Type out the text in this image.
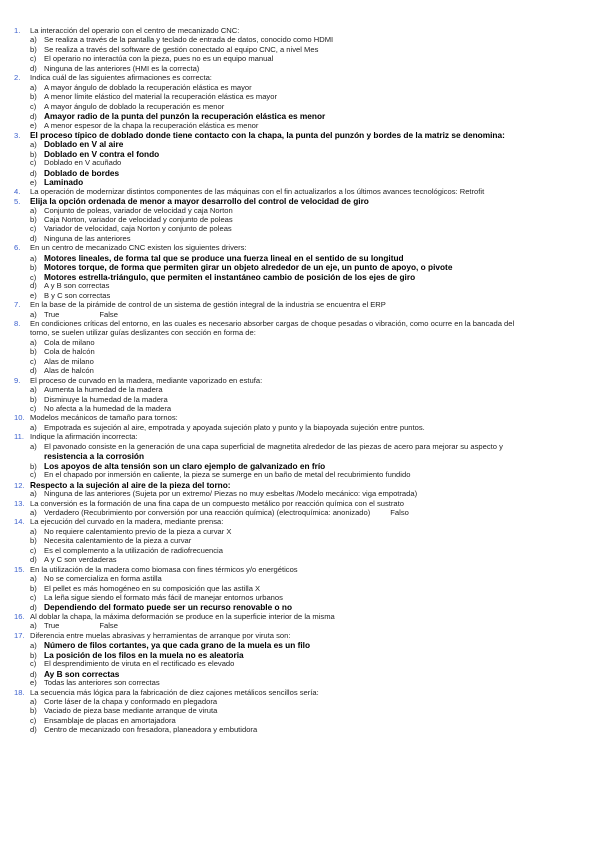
1. La interacción del operario con el centro de mecanizado CNC:
a) Se realiza a través de la pantalla y teclado de entrada de datos, conocido como HDMI
b) Se realiza a través del software de gestión conectado al equipo CNC, a nivel Mes
c) El operario no interactúa con la pieza, pues no es un equipo manual
d) Ninguna de las anteriores (HMI es la correcta)
2. Indica cuál de las siguientes afirmaciones es correcta:
a) A mayor ángulo de doblado la recuperación elástica es mayor
b) A menor límite elástico del material la recuperación elástica es mayor
c) A mayor ángulo de doblado la recuperación es menor
d) Amayor radio de la punta del punzón la recuperación elástica es menor
e) A menor espesor de la chapa la recuperación elástica es menor
3. El proceso típico de doblado donde tiene contacto con la chapa, la punta del punzón y bordes de la matriz se denomina:
a) Doblado en V al aire
b) Doblado en V contra el fondo
c) Doblado en V acuñado
d) Doblado de bordes
e) Laminado
4. La operación de modernizar distintos componentes de las máquinas con el fin actualizarlos a los últimos avances tecnológicos: Retrofit
5. Elija la opción ordenada de menor a mayor desarrollo del control de velocidad de giro
a) Conjunto de poleas, variador de velocidad y caja Norton
b) Caja Norton, variador de velocidad y conjunto de poleas
c) Variador de velocidad, caja Norton y conjunto de poleas
d) Ninguna de las anteriores
6. En un centro de mecanizado CNC existen los siguientes drivers:
a) Motores lineales, de forma tal que se produce una fuerza lineal en el sentido de su longitud
b) Motores torque, de forma que permiten girar un objeto alrededor de un eje, un punto de apoyo, o pivote
c) Motores estrella-triángulo, que permiten el instantáneo cambio de posición de los ejes de giro
d) A y B son correctas
e) B y C son correctas
7. En la base de la pirámide de control de un sistema de gestión integral de la industria se encuentra el ERP
a) True	False
8. En condiciones críticas del entorno, en las cuales es necesario absorber cargas de choque pesadas o vibración, como ocurre en la bancada del
torno, se suelen utilizar guías deslizantes con sección en forma de:
a) Cola de milano
b) Cola de halcón
c) Alas de milano
d) Alas de halcón
9. El proceso de curvado en la madera, mediante vaporizado en estufa:
a) Aumenta la humedad de la madera
b) Disminuye la humedad de la madera
c) No afecta a la humedad de la madera
10. Modelos mecánicos de tamaño para tornos:
a) Empotrada es sujeción al aire, empotrada y apoyada sujeción plato y punto y la biapoyada sujeción entre puntos.
11. Indique la afirmación incorrecta:
a) El pavonado consiste en la generación de una capa superficial de magnetita alrededor de las piezas de acero para mejorar su aspecto y
resistencia a la corrosión
b) Los apoyos de alta tensión son un claro ejemplo de galvanizado en frío
c) En el chapado por inmersión en caliente, la pieza se sumerge en un baño de metal del recubrimiento fundido
12. Respecto a la sujeción al aire de la pieza del torno:
a) Ninguna de las anteriores (Sujeta por un extremo/ Piezas no muy esbeltas /Modelo mecánico: viga empotrada)
13. La conversión es la formación de una fina capa de un compuesto metálico por reacción química con el sustrato
a) Verdadero (Recubrimiento por conversión por una reacción química) (electroquímica: anonizado)	Falso
14. La ejecución del curvado en la madera, mediante prensa:
a) No requiere calentamiento previo de la pieza a curvar X
b) Necesita calentamiento de la pieza a curvar
c) Es el complemento a la utilización de radiofrecuencia
d) A y C son verdaderas
15. En la utilización de la madera como biomasa con fines térmicos y/o energéticos
a) No se comercializa en forma astilla
b) El pellet es más homogéneo en su composición que las astilla X
c) La leña sigue siendo el formato más fácil de manejar entornos urbanos
d) Dependiendo del formato puede ser un recurso renovable o no
16. Al doblar la chapa, la máxima deformación se produce en la superficie interior de la misma
a) True	False
17. Diferencia entre muelas abrasivas y herramientas de arranque por viruta son:
a) Número de filos cortantes, ya que cada grano de la muela es un filo
b) La posición de los filos en la muela no es aleatoria
c) El desprendimiento de viruta en el rectificado es elevado
d) Ay B son correctas
e) Todas las anteriores son correctas
18. La secuencia más lógica para la fabricación de diez cajones metálicos sencillos sería:
a) Corte láser de la chapa y conformado en plegadora
b) Vaciado de pieza base mediante arranque de viruta
c) Ensamblaje de placas en amortajadora
d) Centro de mecanizado con fresadora, planeadora y embutidora
